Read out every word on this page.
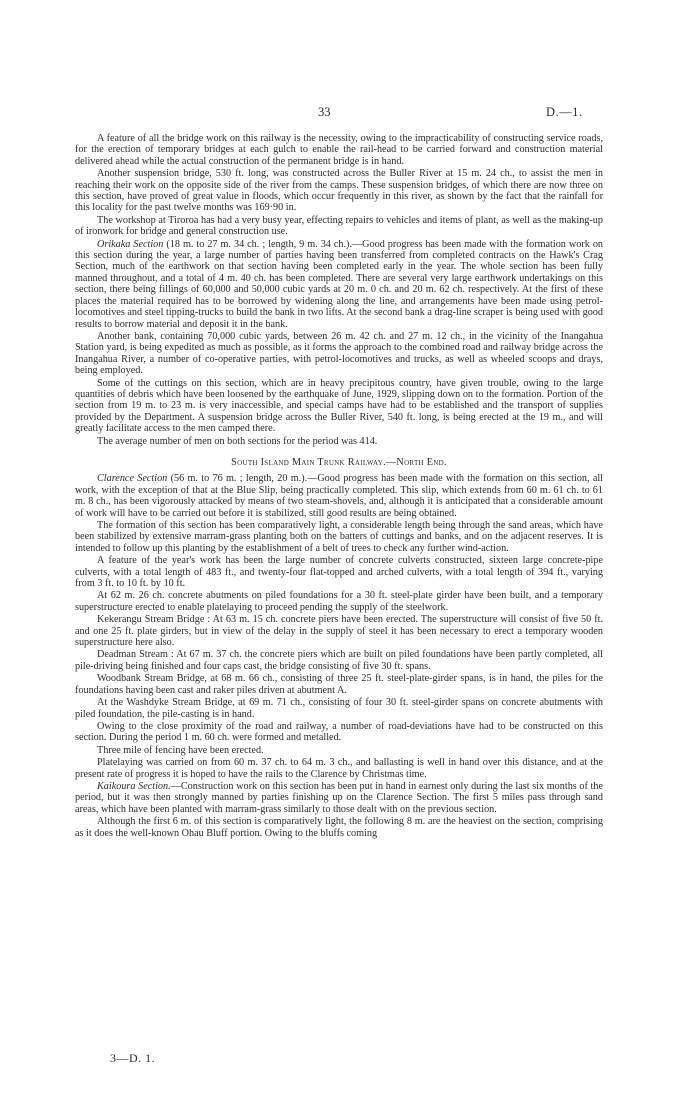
33	D.—1.

A feature of all the bridge work on this railway is the necessity, owing to the impracticability of constructing service roads, for the erection of temporary bridges at each gulch to enable the rail-head to be carried forward and construction material delivered ahead while the actual construction of the permanent bridge is in hand.

Another suspension bridge, 530 ft. long, was constructed across the Buller River at 15 m. 24 ch., to assist the men in reaching their work on the opposite side of the river from the camps. These suspension bridges, of which there are now three on this section, have proved of great value in floods, which occur frequently in this river, as shown by the fact that the rainfall for this locality for the past twelve months was 169·90 in.

The workshop at Tiroroa has had a very busy year, effecting repairs to vehicles and items of plant, as well as the making-up of ironwork for bridge and general construction use.

Orikaka Section (18 m. to 27 m. 34 ch. ; length, 9 m. 34 ch.).—Good progress has been made with the formation work on this section during the year, a large number of parties having been transferred from completed contracts on the Hawk's Crag Section, much of the earthwork on that section having been completed early in the year. The whole section has been fully manned throughout, and a total of 4 m. 40 ch. has been completed. There are several very large earthwork undertakings on this section, there being fillings of 60,000 and 50,000 cubic yards at 20 m. 0 ch. and 20 m. 62 ch. respectively. At the first of these places the material required has to be borrowed by widening along the line, and arrangements have been made using petrol-locomotives and steel tipping-trucks to build the bank in two lifts. At the second bank a drag-line scraper is being used with good results to borrow material and deposit it in the bank.

Another bank, containing 70,000 cubic yards, between 26 m. 42 ch. and 27 m. 12 ch., in the vicinity of the Inangahua Station yard, is being expedited as much as possible, as it forms the approach to the combined road and railway bridge across the Inangahua River, a number of co-operative parties, with petrol-locomotives and trucks, as well as wheeled scoops and drays, being employed.

Some of the cuttings on this section, which are in heavy precipitous country, have given trouble, owing to the large quantities of debris which have been loosened by the earthquake of June, 1929, slipping down on to the formation. Portion of the section from 19 m. to 23 m. is very inaccessible, and special camps have had to be established and the transport of supplies provided by the Department. A suspension bridge across the Buller River, 540 ft. long, is being erected at the 19 m., and will greatly facilitate access to the men camped there.

The average number of men on both sections for the period was 414.

South Island Main Trunk Railway.—North End.

Clarence Section (56 m. to 76 m. ; length, 20 m.).—Good progress has been made with the formation on this section, all work, with the exception of that at the Blue Slip, being practically completed. This slip, which extends from 60 m. 61 ch. to 61 m. 8 ch., has been vigorously attacked by means of two steam-shovels, and, although it is anticipated that a considerable amount of work will have to be carried out before it is stabilized, still good results are being obtained.

The formation of this section has been comparatively light, a considerable length being through the sand areas, which have been stabilized by extensive marram-grass planting both on the batters of cuttings and banks, and on the adjacent reserves. It is intended to follow up this planting by the establishment of a belt of trees to check any further wind-action.

A feature of the year's work has been the large number of concrete culverts constructed, sixteen large concrete-pipe culverts, with a total length of 483 ft., and twenty-four flat-topped and arched culverts, with a total length of 394 ft., varying from 3 ft. to 10 ft. by 10 ft.

At 62 m. 26 ch. concrete abutments on piled foundations for a 30 ft. steel-plate girder have been built, and a temporary superstructure erected to enable platelaying to proceed pending the supply of the steelwork.

Kekerangu Stream Bridge : At 63 m. 15 ch. concrete piers have been erected. The superstructure will consist of five 50 ft. and one 25 ft. plate girders, but in view of the delay in the supply of steel it has been necessary to erect a temporary wooden superstructure here also.

Deadman Stream : At 67 m. 37 ch. the concrete piers which are built on piled foundations have been partly completed, all pile-driving being finished and four caps cast, the bridge consisting of five 30 ft. spans.

Woodbank Stream Bridge, at 68 m. 66 ch., consisting of three 25 ft. steel-plate-girder spans, is in hand, the piles for the foundations having been cast and raker piles driven at abutment A.

At the Washdyke Stream Bridge, at 69 m. 71 ch., consisting of four 30 ft. steel-girder spans on concrete abutments with piled foundation, the pile-casting is in hand.

Owing to the close proximity of the road and railway, a number of road-deviations have had to be constructed on this section. During the period 1 m. 60 ch. were formed and metalled.

Three mile of fencing have been erected.

Platelaying was carried on from 60 m. 37 ch. to 64 m. 3 ch., and ballasting is well in hand over this distance, and at the present rate of progress it is hoped to have the rails to the Clarence by Christmas time.

Kaikoura Section.—Construction work on this section has been put in hand in earnest only during the last six months of the period, but it was then strongly manned by parties finishing up on the Clarence Section. The first 5 miles pass through sand areas, which have been planted with marram-grass similarly to those dealt with on the previous section.

Although the first 6 m. of this section is comparatively light, the following 8 m. are the heaviest on the section, comprising as it does the well-known Ohau Bluff portion. Owing to the bluffs coming

3—D. 1.
